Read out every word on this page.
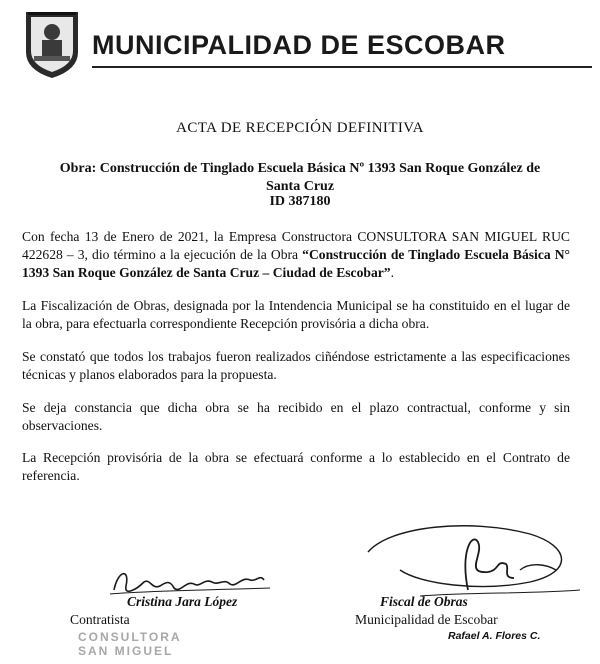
MUNICIPALIDAD DE ESCOBAR
ACTA DE RECEPCIÓN DEFINITIVA
Obra: Construcción de Tinglado Escuela Básica Nº 1393 San Roque González de
Santa Cruz
ID 387180
Con fecha 13 de Enero de 2021, la Empresa Constructora CONSULTORA SAN MIGUEL RUC 422628 – 3, dio término a la ejecución de la Obra “Construcción de Tinglado Escuela Básica N° 1393 San Roque González de Santa Cruz – Ciudad de Escobar”.
La Fiscalización de Obras, designada por la Intendencia Municipal se ha constituido en el lugar de la obra, para efectuarla correspondiente Recepción provisória a dicha obra.
Se constató que todos los trabajos fueron realizados ciñéndose estrictamente a las especificaciones técnicas y planos elaborados para la propuesta.
Se deja constancia que dicha obra se ha recibido en el plazo contractual, conforme y sin observaciones.
La Recepción provisória de la obra se efectuará conforme a lo establecido en el Contrato de referencia.
Cristina Jara López	Fiscal de Obras
Contratista	Municipalidad de Escobar
CONSULTORA
SAN MIGUEL
Rafael A. Flores C.
